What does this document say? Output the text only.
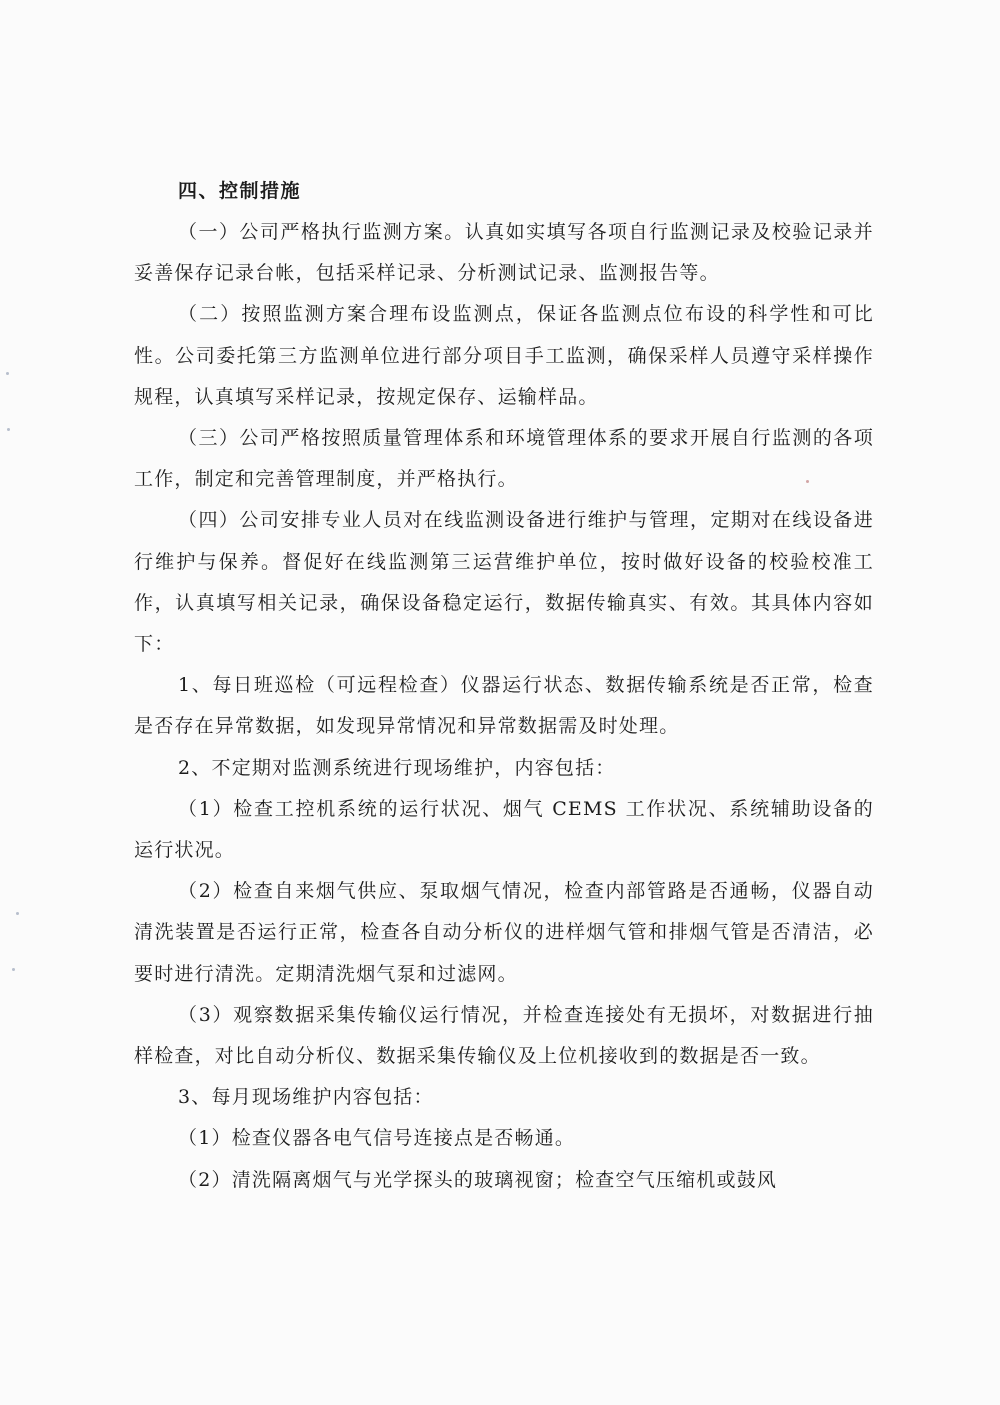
四、控制措施

（一）公司严格执行监测方案。认真如实填写各项自行监测记录及校验记录并妥善保存记录台帐，包括采样记录、分析测试记录、监测报告等。

（二）按照监测方案合理布设监测点，保证各监测点位布设的科学性和可比性。公司委托第三方监测单位进行部分项目手工监测，确保采样人员遵守采样操作规程，认真填写采样记录，按规定保存、运输样品。

（三）公司严格按照质量管理体系和环境管理体系的要求开展自行监测的各项工作，制定和完善管理制度，并严格执行。

（四）公司安排专业人员对在线监测设备进行维护与管理，定期对在线设备进行维护与保养。督促好在线监测第三运营维护单位，按时做好设备的校验校准工作，认真填写相关记录，确保设备稳定运行，数据传输真实、有效。其具体内容如下：

1、每日班巡检（可远程检查）仪器运行状态、数据传输系统是否正常，检查是否存在异常数据，如发现异常情况和异常数据需及时处理。

2、不定期对监测系统进行现场维护，内容包括：

（1）检查工控机系统的运行状况、烟气 CEMS 工作状况、系统辅助设备的运行状况。

（2）检查自来烟气供应、泵取烟气情况，检查内部管路是否通畅，仪器自动清洗装置是否运行正常，检查各自动分析仪的进样烟气管和排烟气管是否清洁，必要时进行清洗。定期清洗烟气泵和过滤网。

（3）观察数据采集传输仪运行情况，并检查连接处有无损坏，对数据进行抽样检查，对比自动分析仪、数据采集传输仪及上位机接收到的数据是否一致。

3、每月现场维护内容包括：

（1）检查仪器各电气信号连接点是否畅通。

（2）清洗隔离烟气与光学探头的玻璃视窗；检查空气压缩机或鼓风
